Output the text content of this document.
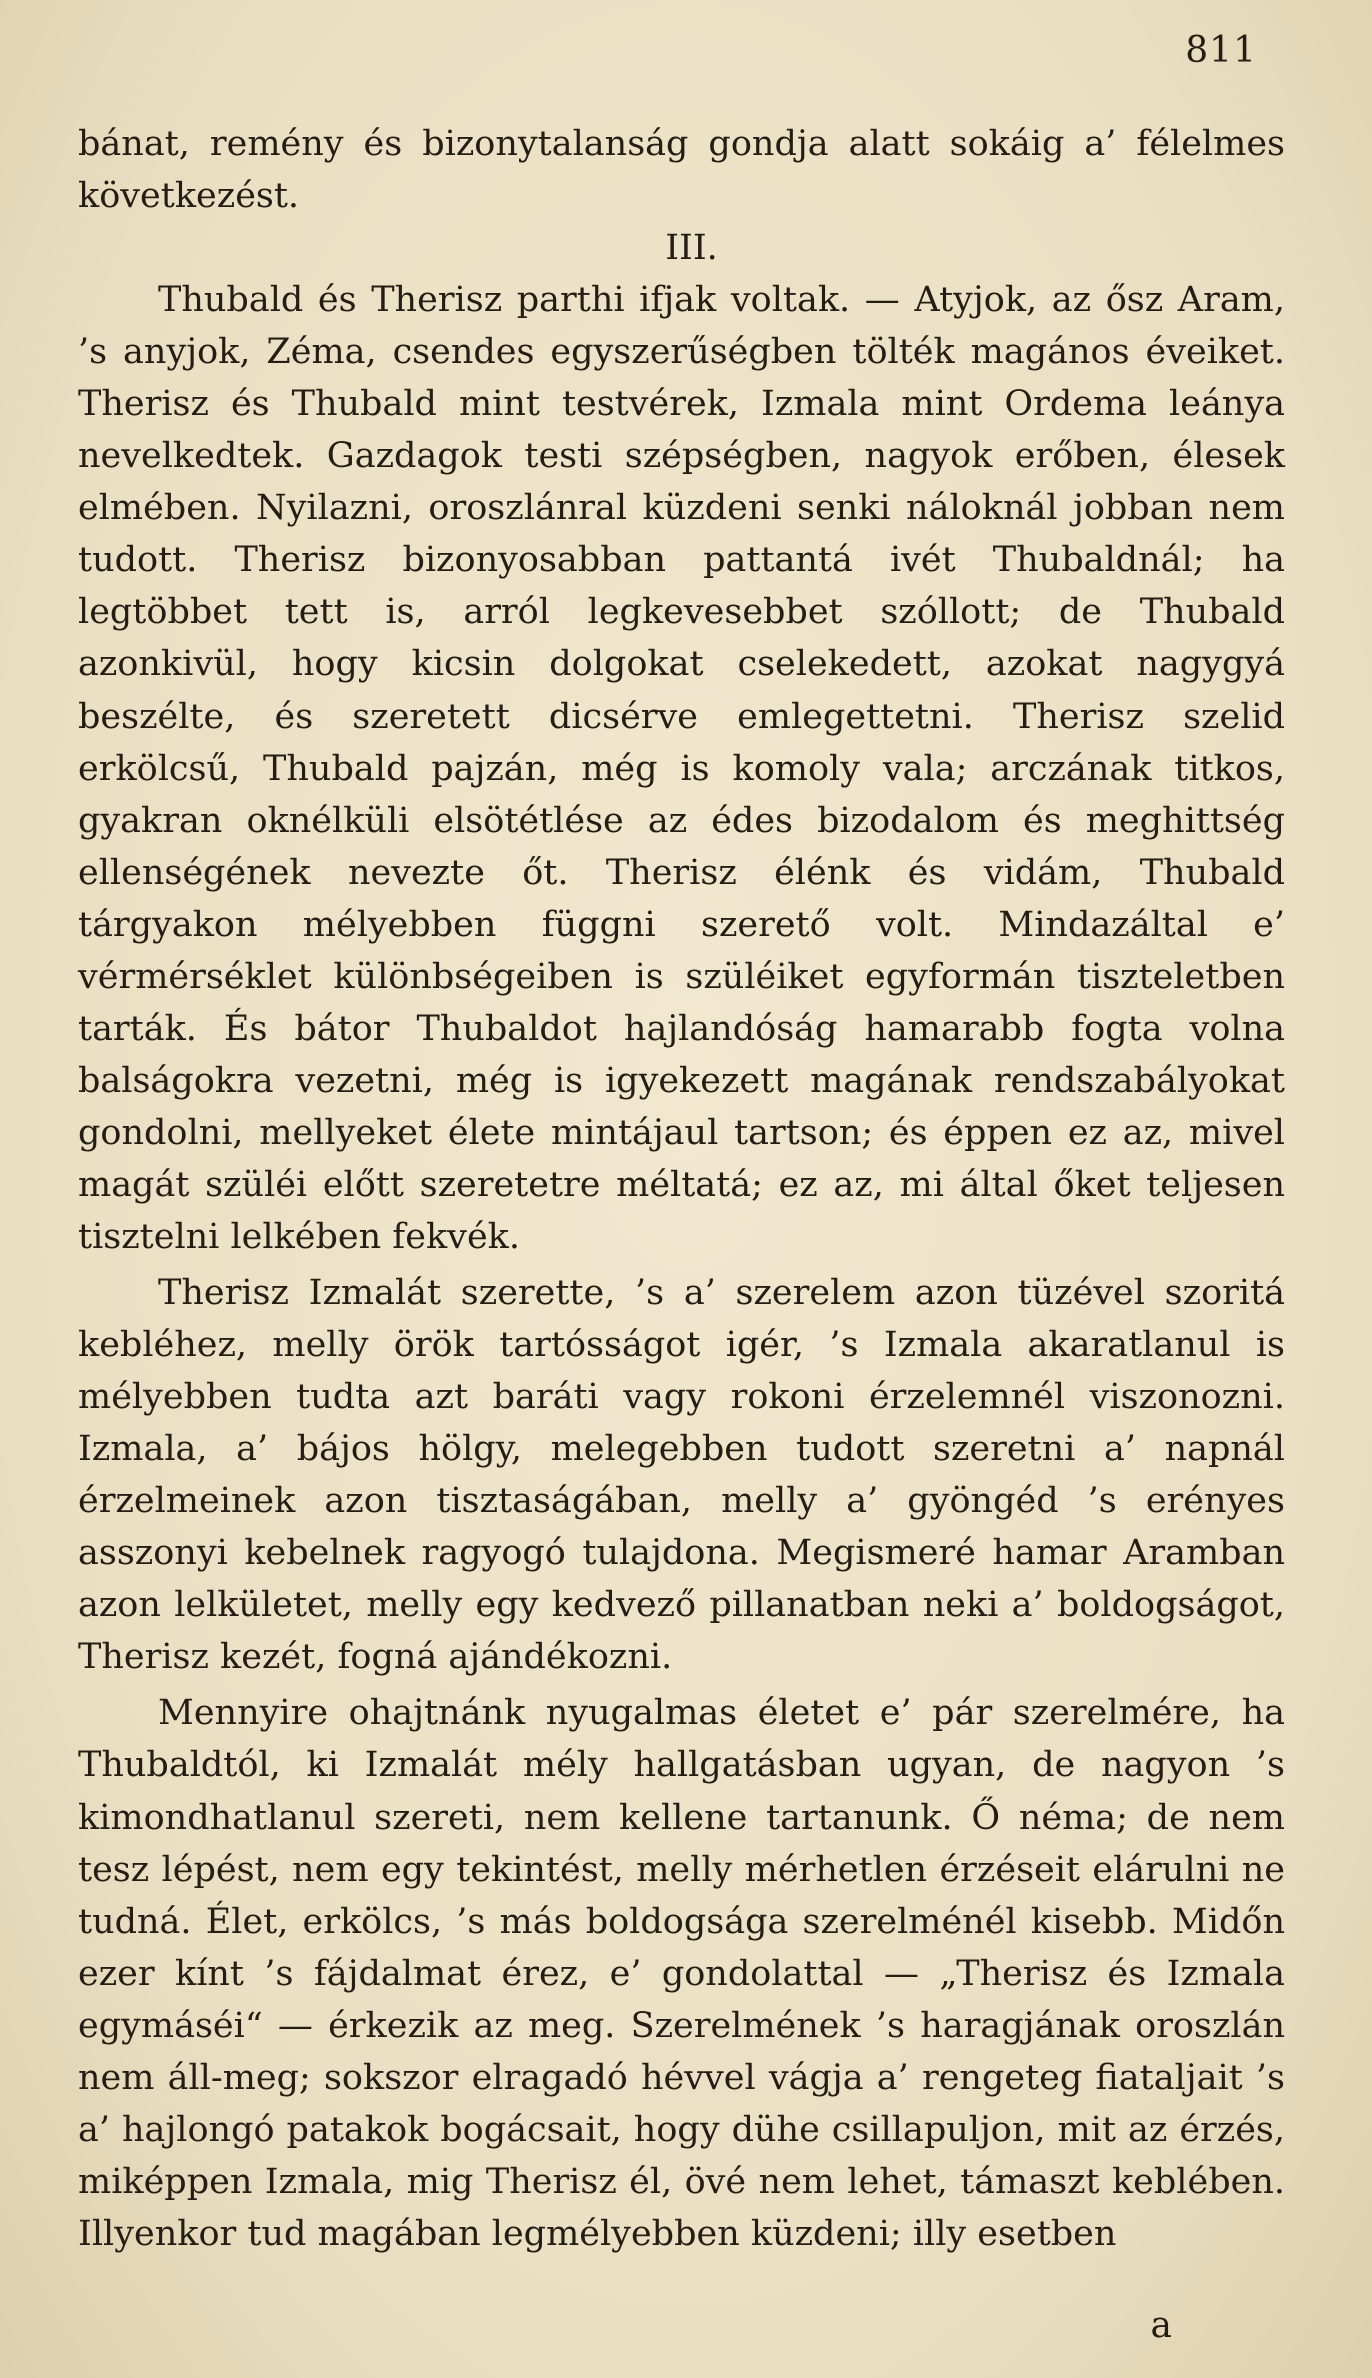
811

bánat, remény és bizonytalanság gondja alatt sokáig a’ félelmes következést.

III.

Thubald és Therisz parthi ifjak voltak. — Atyjok, az ősz Aram, ’s anyjok, Zéma, csendes egyszerűségben tölték magános éveiket. Therisz és Thubald mint testvérek, Izmala mint Ordema leánya nevelkedtek. Gazdagok testi szépségben, nagyok erőben, élesek elmében. Nyilazni, oroszlánral küzdeni senki náloknál jobban nem tudott. Therisz bizonyosabban pattantá ivét Thubaldnál; ha legtöbbet tett is, arról legkevesebbet szóllott; de Thubald azonkivül, hogy kicsin dolgokat cselekedett, azokat nagygyá beszélte, és szeretett dicsérve emlegettetni. Therisz szelid erkölcsű, Thubald pajzán, még is komoly vala; arczának titkos, gyakran oknélküli elsötétlése az édes bizodalom és meghittség ellenségének nevezte őt. Therisz élénk és vidám, Thubald tárgyakon mélyebben függni szerető volt. Mindazáltal e’ vérmérséklet különbségeiben is szüléiket egyformán tiszteletben tarták. És bátor Thubaldot hajlandóság hamarabb fogta volna balságokra vezetni, még is igyekezett magának rendszabályokat gondolni, mellyeket élete mintájaul tartson; és éppen ez az, mivel magát szüléi előtt szeretetre méltatá; ez az, mi által őket teljesen tisztelni lelkében fekvék.

Therisz Izmalát szerette, ’s a’ szerelem azon tüzével szoritá kebléhez, melly örök tartósságot igér, ’s Izmala akaratlanul is mélyebben tudta azt baráti vagy rokoni érzelemnél viszonozni. Izmala, a’ bájos hölgy, melegebben tudott szeretni a’ napnál érzelmeinek azon tisztaságában, melly a’ gyöngéd ’s erényes asszonyi kebelnek ragyogó tulajdona. Megismeré hamar Aramban azon lelkületet, melly egy kedvező pillanatban neki a’ boldogságot, Therisz kezét, fogná ajándékozni.

Mennyire ohajtnánk nyugalmas életet e’ pár szerelmére, ha Thubaldtól, ki Izmalát mély hallgatásban ugyan, de nagyon ’s kimondhatlanul szereti, nem kellene tartanunk. Ő néma; de nem tesz lépést, nem egy tekintést, melly mérhetlen érzéseit elárulni ne tudná. Élet, erkölcs, ’s más boldogsága szerelménél kisebb. Midőn ezer kínt ’s fájdalmat érez, e’ gondolattal — „Therisz és Izmala egymáséi“ — érkezik az meg. Szerelmének ’s haragjának oroszlán nem áll-meg; sokszor elragadó hévvel vágja a’ rengeteg fiataljait ’s a’ hajlongó patakok bogácsait, hogy dühe csillapuljon, mit az érzés, miképpen Izmala, mig Therisz él, övé nem lehet, támaszt keblében. Illyenkor tud magában legmélyebben küzdeni; illy esetben

a
